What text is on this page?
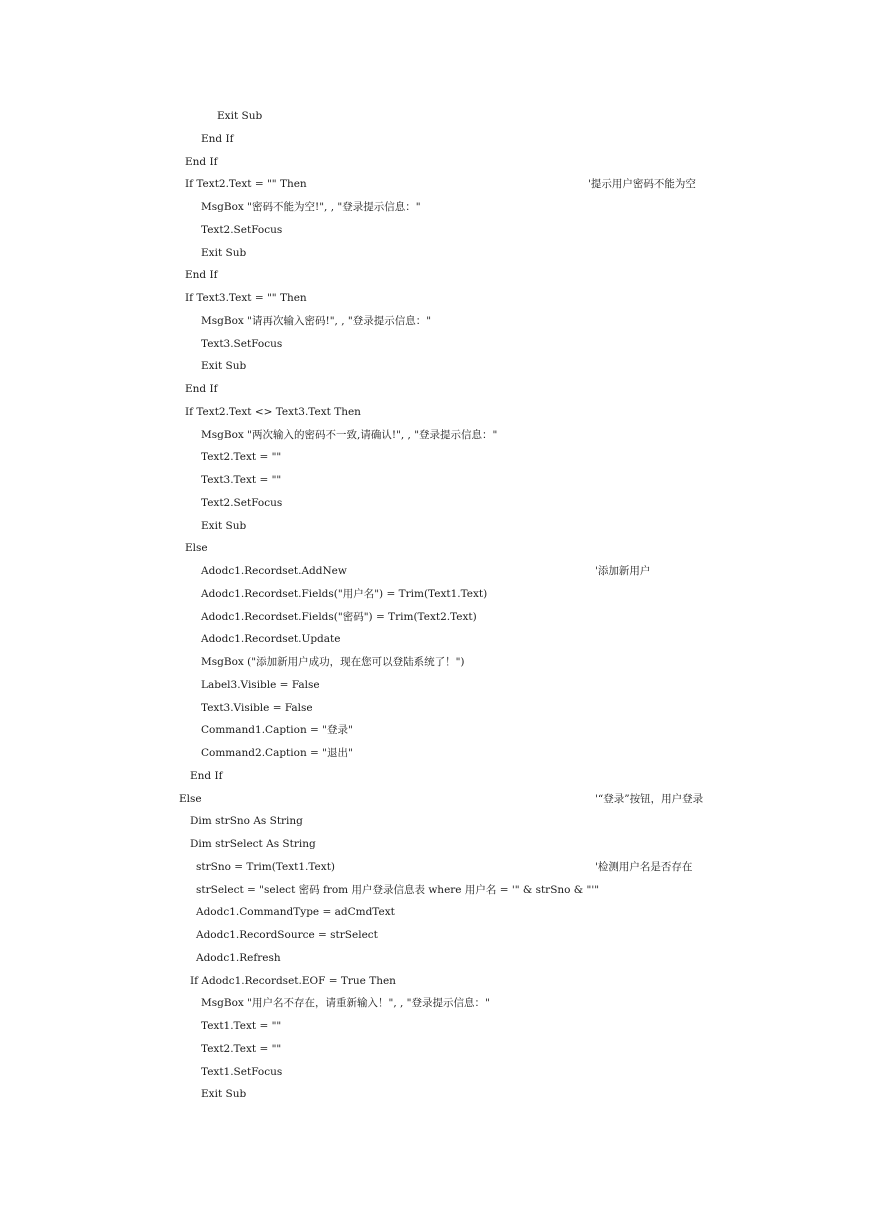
Exit Sub
End If
End If
If Text2.Text = "" Then	'提示用户密码不能为空
MsgBox "密码不能为空!", , "登录提示信息："
Text2.SetFocus
Exit Sub
End If
If Text3.Text = "" Then
MsgBox "请再次输入密码!", , "登录提示信息："
Text3.SetFocus
Exit Sub
End If
If Text2.Text <> Text3.Text Then
MsgBox "两次输入的密码不一致,请确认!", , "登录提示信息："
Text2.Text = ""
Text3.Text = ""
Text2.SetFocus
Exit Sub
Else
Adodc1.Recordset.AddNew	'添加新用户
Adodc1.Recordset.Fields("用户名") = Trim(Text1.Text)
Adodc1.Recordset.Fields("密码") = Trim(Text2.Text)
Adodc1.Recordset.Update
MsgBox ("添加新用户成功，现在您可以登陆系统了！")
Label3.Visible = False
Text3.Visible = False
Command1.Caption = "登录"
Command2.Caption = "退出"
End If
Else	'“登录”按钮，用户登录
Dim strSno As String
Dim strSelect As String
strSno = Trim(Text1.Text)	'检测用户名是否存在
strSelect = "select 密码 from 用户登录信息表 where 用户名 = '" & strSno & "'"
Adodc1.CommandType = adCmdText
Adodc1.RecordSource = strSelect
Adodc1.Refresh
If Adodc1.Recordset.EOF = True Then
MsgBox "用户名不存在，请重新输入！", , "登录提示信息："
Text1.Text = ""
Text2.Text = ""
Text1.SetFocus
Exit Sub
